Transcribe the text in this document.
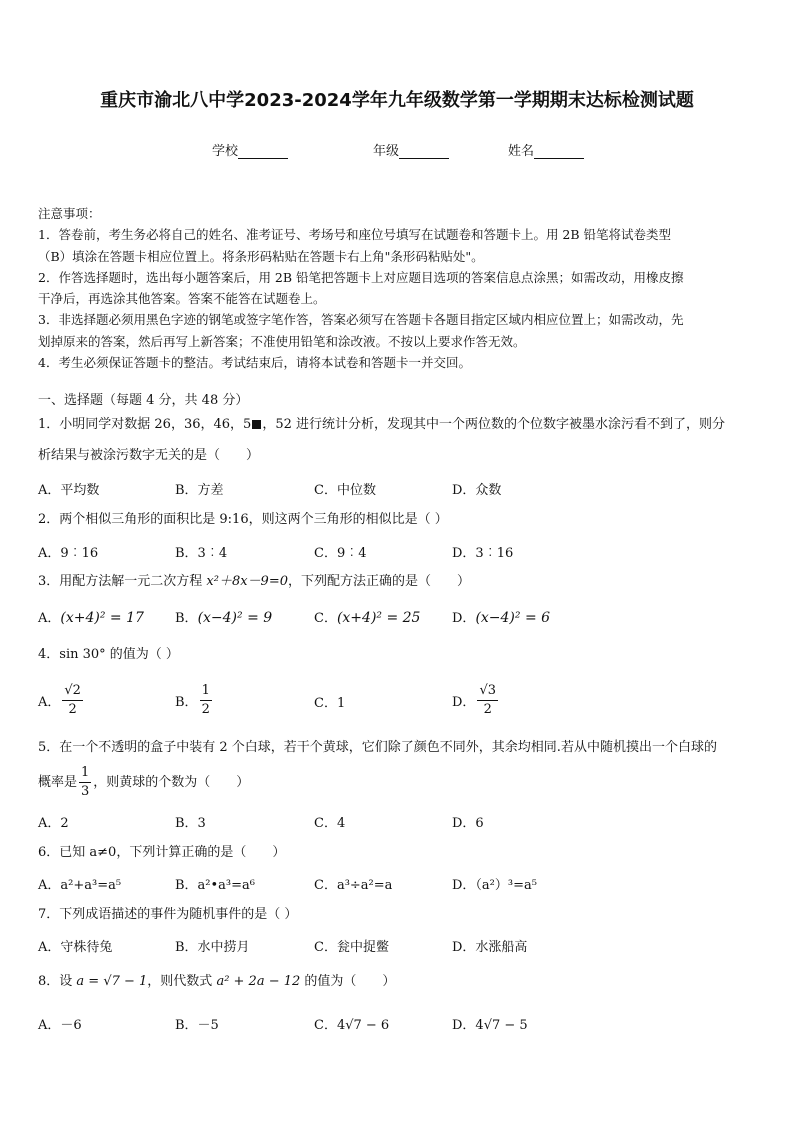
重庆市渝北八中学2023-2024学年九年级数学第一学期期末达标检测试题
学校	年级	姓名
注意事项：
1．答卷前，考生务必将自己的姓名、准考证号、考场号和座位号填写在试题卷和答题卡上。用 2B 铅笔将试卷类型
（B）填涂在答题卡相应位置上。将条形码粘贴在答题卡右上角"条形码粘贴处"。
2．作答选择题时，选出每小题答案后，用 2B 铅笔把答题卡上对应题目选项的答案信息点涂黑；如需改动，用橡皮擦
干净后，再选涂其他答案。答案不能答在试题卷上。
3．非选择题必须用黑色字迹的钢笔或签字笔作答，答案必须写在答题卡各题目指定区域内相应位置上；如需改动，先
划掉原来的答案，然后再写上新答案；不准使用铅笔和涂改液。不按以上要求作答无效。
4．考生必须保证答题卡的整洁。考试结束后，请将本试卷和答题卡一并交回。
一、选择题（每题 4 分，共 48 分）
1．小明同学对数据 26，36，46，5 ，52 进行统计分析，发现其中一个两位数的个位数字被墨水涂污看不到了，则分
析结果与被涂污数字无关的是（　　）
A．平均数	B．方差	C．中位数	D．众数
2．两个相似三角形的面积比是 9:16，则这两个三角形的相似比是（ ）
A．9︰16	B．3︰4	C．9︰4	D．3︰16
3．用配方法解一元二次方程 x²＋8x－9=0，下列配方法正确的是（　　）
A．(x+4)² = 17 B．(x−4)² = 9	C．(x+4)² = 25 D．(x−4)² = 6
4．sin 30° 的值为（ ）
A． $\frac{√2}{2}$	B． $\frac{1}{2}$	C．1	D． $\frac{√3}{2}$
5．在一个不透明的盒子中装有 2 个白球，若干个黄球，它们除了颜色不同外，其余均相同.若从中随机摸出一个白球的
概率是 $\frac{1}{3}$ ，则黄球的个数为（　　）
A．2	B．3	C．4	D．6
6．已知 a≠0，下列计算正确的是（　　）
A．a²+a³=a⁵	B．a²•a³=a⁶	C．a³÷a²=a	D．（a²）³=a⁵
7．下列成语描述的事件为随机事件的是（ ）
A．守株待兔	B．水中捞月	C．瓮中捉鳖	D．水涨船高
8．设 a = √7 − 1，则代数式 a² + 2a − 12 的值为（　　）
A．－6	B．－5	C．4√7 − 6	D．4√7 − 5
